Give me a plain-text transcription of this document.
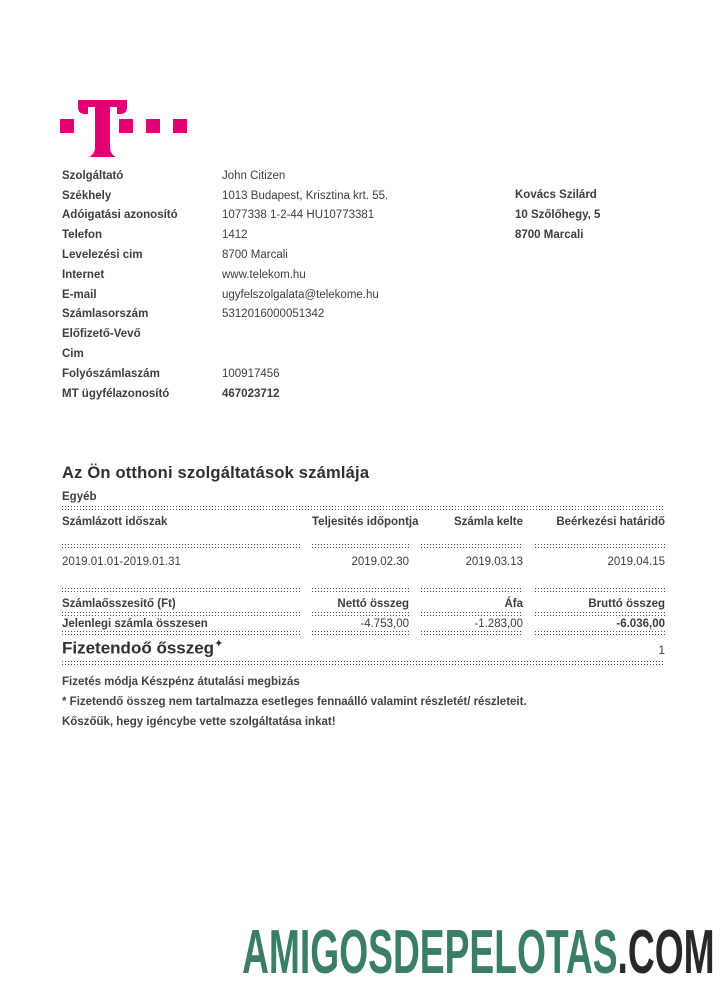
Szolgáltató	John Citizen
Székhely	1013 Budapest, Krisztina krt. 55.
Adóigatási azonosító	1077338 1-2-44 HU10773381
Telefon	1412
Levelezési cim	8700 Marcali
Internet	www.telekom.hu
E-mail	ugyfelszolgalata@telekome.hu
Számlasorszám	5312016000051342
Előfizető-Vevő
Cim
Folyószámlaszám	100917456
MT ügyfélazonosító	467023712
Kovács Szilárd
10 Szőlőhegy, 5
8700 Marcali
Az Ön otthoni szolgáltatások számlája
Egyéb
Számlázott időszak	Teljesités időpontja	Számla kelte	Beérkezési határidő
2019.01.01-2019.01.31	2019.02.30	2019.03.13	2019.04.15
Számlaősszesitő (Ft)	Nettó összeg	Áfa	Bruttó összeg
Jelenlegi számla összesen	-4.753,00	-1.283,00	-6.036,00
Fizetendoő ősszeg✦	1
Fizetés módja Készpénz átutalási megbizás
* Fizetendő összeg nem tartalmazza esetleges fennaálló valamint részletét/ részleteit.
Kőszőűk, hegy igéncybe vette szolgáltatása inkat!
AMIGOSDEPELOTAS.COM
